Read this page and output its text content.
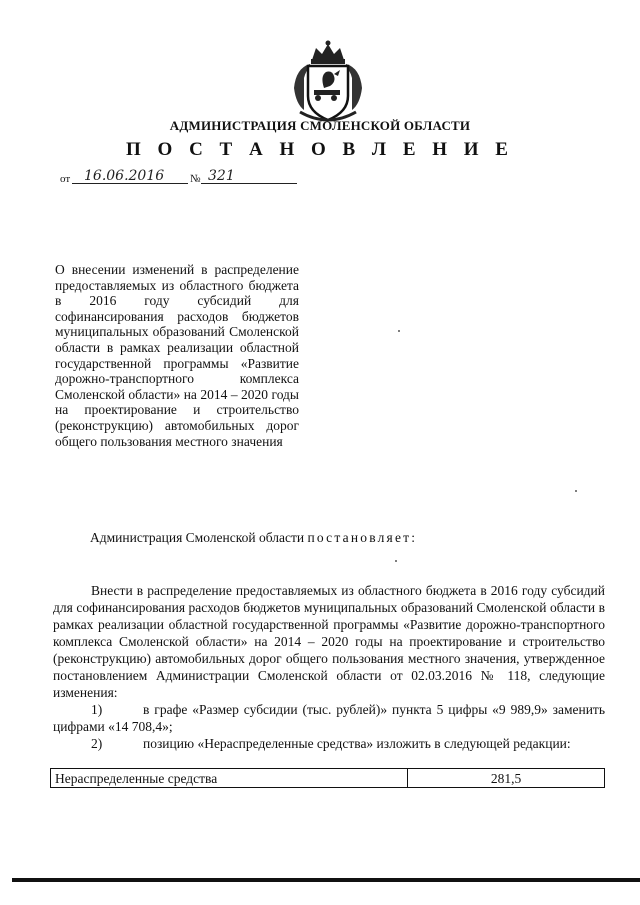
АДМИНИСТРАЦИЯ СМОЛЕНСКОЙ ОБЛАСТИ
П О С Т А Н О В Л Е Н И Е
от 16.06.2016 № 321
О внесении изменений в распределение предоставляемых из областного бюджета в 2016 году субсидий для софинансирования расходов бюджетов муниципальных образований Смоленской области в рамках реализации областной государственной программы «Развитие дорожно-транспортного комплекса Смоленской области» на 2014 – 2020 годы на проектирование и строительство (реконструкцию) автомобильных дорог общего пользования местного значения
Администрация Смоленской области постановляет:

Внести в распределение предоставляемых из областного бюджета в 2016 году субсидий для софинансирования расходов бюджетов муниципальных образований Смоленской области в рамках реализации областной государственной программы «Развитие дорожно-транспортного комплекса Смоленской области» на 2014 – 2020 годы на проектирование и строительство (реконструкцию) автомобильных дорог общего пользования местного значения, утвержденное постановлением Администрации Смоленской области от 02.03.2016 № 118, следующие изменения:

1)	в графе «Размер субсидии (тыс. рублей)» пункта 5 цифры «9 989,9» заменить цифрами «14 708,4»;

2)	позицию «Нераспределенные средства» изложить в следующей редакции:

Нераспределенные средства	281,5
